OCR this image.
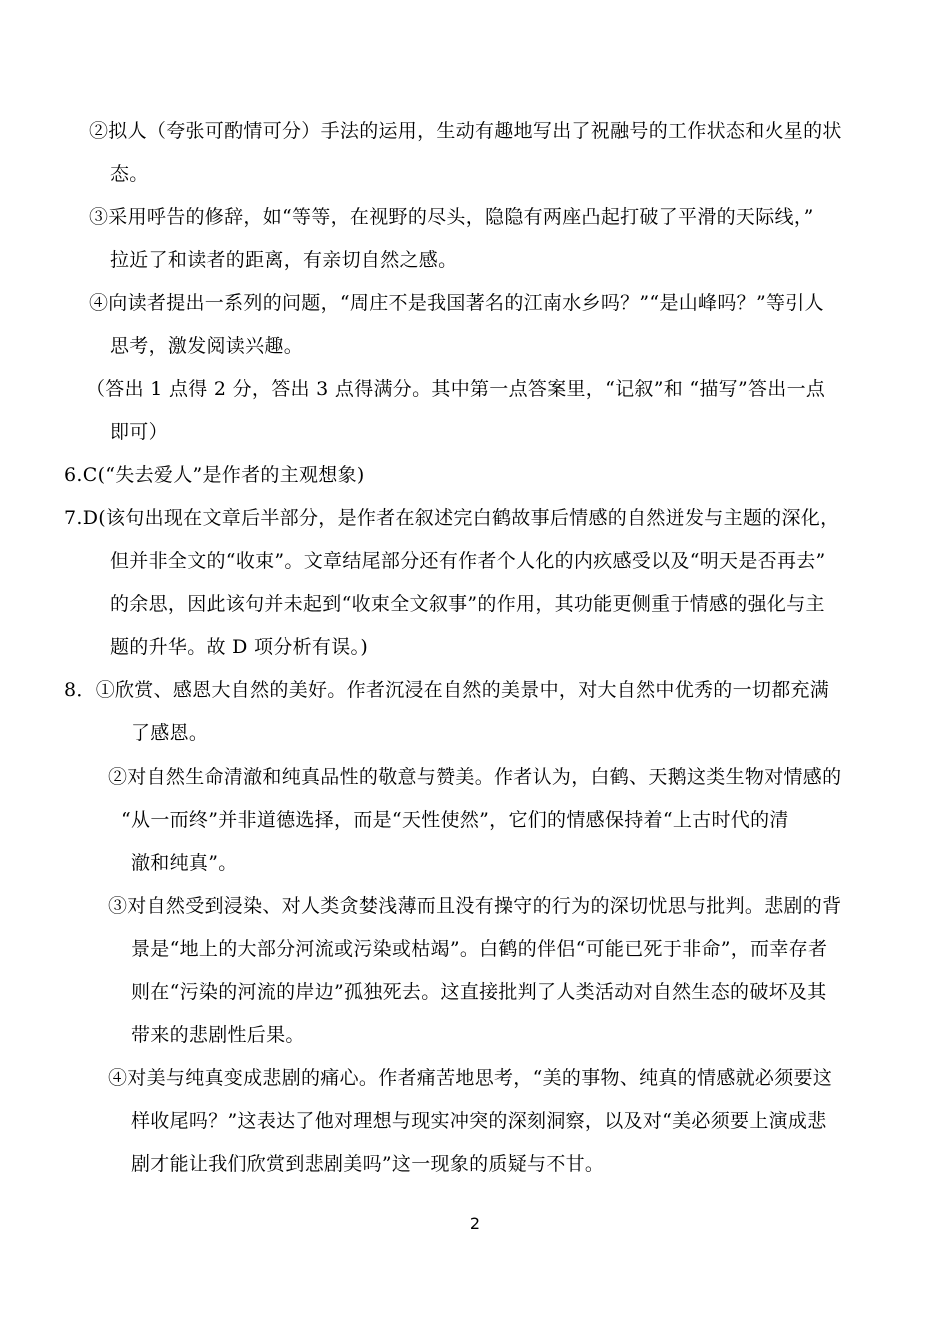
②拟人（夸张可酌情可分）手法的运用，生动有趣地写出了祝融号的工作状态和火星的状
态。
③采用呼告的修辞，如“等等，在视野的尽头，隐隐有两座凸起打破了平滑的天际线，”
拉近了和读者的距离，有亲切自然之感。
④向读者提出一系列的问题，“周庄不是我国著名的江南水乡吗？”“是山峰吗？”等引人
思考，激发阅读兴趣。
（答出 1 点得 2 分，答出 3 点得满分。其中第一点答案里，“记叙”和 “描写”答出一点
即可）
6.C(“失去爱人”是作者的主观想象)
7.D(该句出现在文章后半部分，是作者在叙述完白鹤故事后情感的自然迸发与主题的深化，
但并非全文的“收束”。文章结尾部分还有作者个人化的内疚感受以及“明天是否再去”
的余思，因此该句并未起到“收束全文叙事”的作用，其功能更侧重于情感的强化与主
题的升华。故 D 项分析有误。)
8．①欣赏、感恩大自然的美好。作者沉浸在自然的美景中，对大自然中优秀的一切都充满
了感恩。
②对自然生命清澈和纯真品性的敬意与赞美。作者认为，白鹤、天鹅这类生物对情感的
“从一而终”并非道德选择，而是“天性使然”，它们的情感保持着“上古时代的清
澈和纯真”。
③对自然受到浸染、对人类贪婪浅薄而且没有操守的行为的深切忧思与批判。悲剧的背
景是“地上的大部分河流或污染或枯竭”。白鹤的伴侣“可能已死于非命”，而幸存者
则在“污染的河流的岸边”孤独死去。这直接批判了人类活动对自然生态的破坏及其
带来的悲剧性后果。
④对美与纯真变成悲剧的痛心。作者痛苦地思考，“美的事物、纯真的情感就必须要这
样收尾吗？”这表达了他对理想与现实冲突的深刻洞察，以及对“美必须要上演成悲
剧才能让我们欣赏到悲剧美吗”这一现象的质疑与不甘。
2
